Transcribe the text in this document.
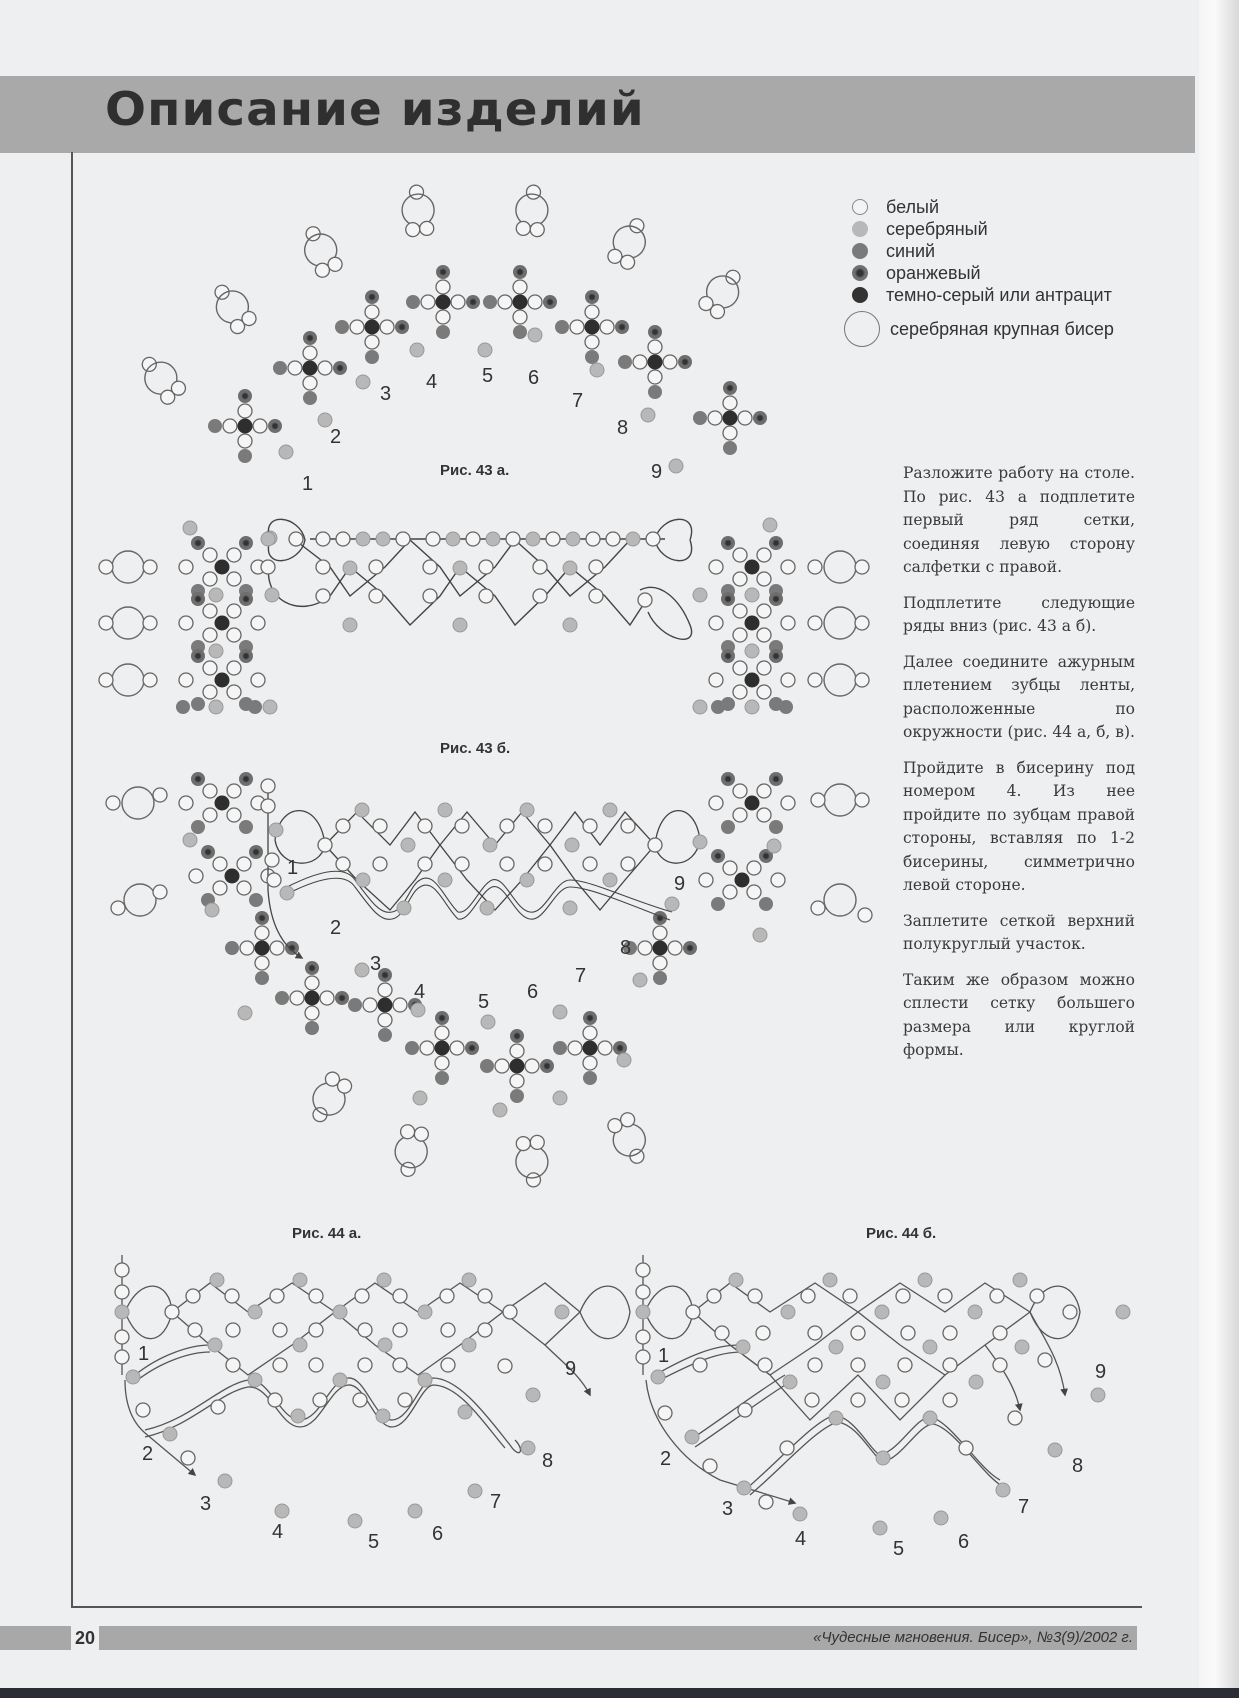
Описание изделий
белый
серебряный
синий
оранжевый
темно-серый или антрацит
серебряная крупная бисер

Разложите работу на столе. По рис. 43 а подплетите первый ряд сетки, соединяя левую сторону салфетки с правой.

Подплетите следующие ряды вниз (рис. 43 а б).

Далее соедините ажурным плетением зубцы ленты, расположенные по окружности (рис. 44 а, б, в).

Пройдите в бисерину под номером 4. Из нее пройдите по зубцам правой стороны, вставляя по 1-2 бисерины, симметрично левой стороне.

Заплетите сеткой верхний полукруглый участок.

Таким же образом можно сплести сетку большего размера или круглой формы.

Рис. 43 а.
Рис. 43 б.
Рис. 44 а.	Рис. 44 б.
1
2
3
4 5 6
7
8
9
1
2
3
4	5 6
7
8
9
1
2
3
4	5	6
7
8
9
1
2
3
4	5	6
7
8
9
20	«Чудесные мгновения. Бисер», №3(9)/2002 г.
